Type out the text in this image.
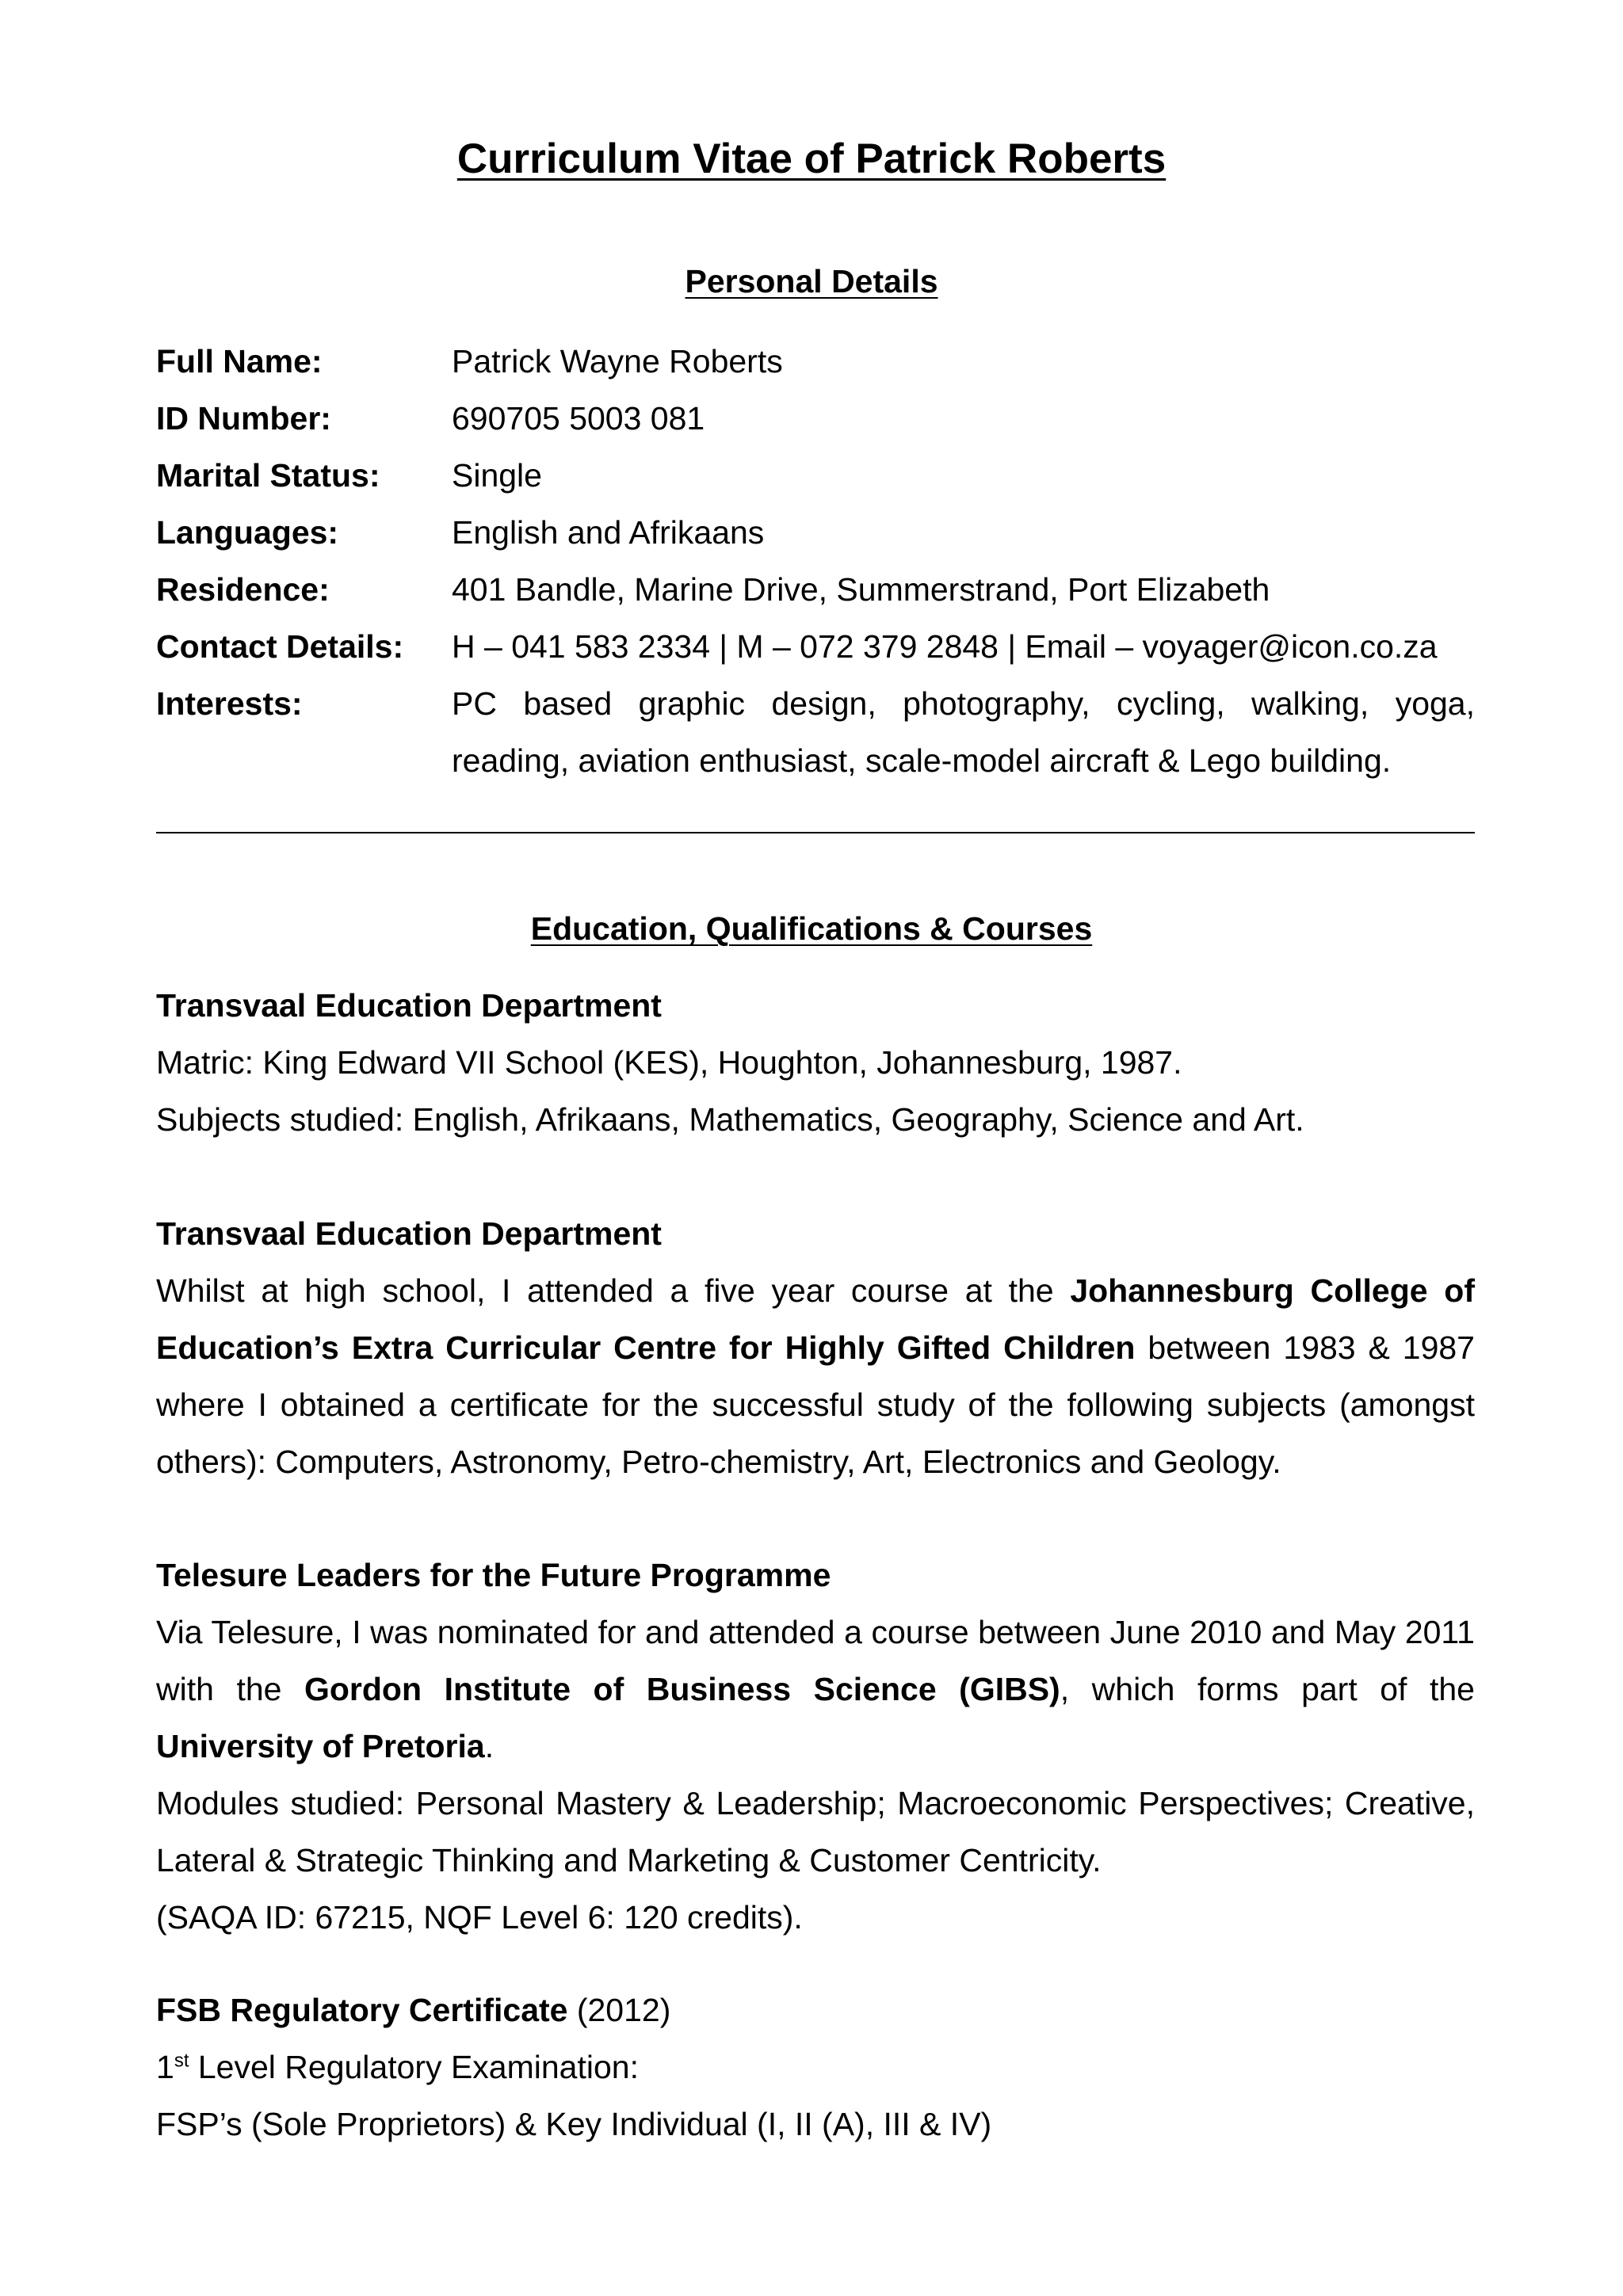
Curriculum Vitae of Patrick Roberts
Personal Details
Full Name:	Patrick Wayne Roberts
ID Number:	690705 5003 081
Marital Status:	Single
Languages:	English and Afrikaans
Residence:	401 Bandle, Marine Drive, Summerstrand, Port Elizabeth
Contact Details:	H – 041 583 2334 | M – 072 379 2848 | Email – voyager@icon.co.za
Interests:	PC based graphic design, photography, cycling, walking, yoga, reading, aviation enthusiast, scale-model aircraft & Lego building.
Education, Qualifications & Courses

Transvaal Education Department

Matric: King Edward VII School (KES), Houghton, Johannesburg, 1987.

Subjects studied: English, Afrikaans, Mathematics, Geography, Science and Art.

Transvaal Education Department

Whilst at high school, I attended a five year course at the Johannesburg College of Education’s Extra Curricular Centre for Highly Gifted Children between 1983 & 1987 where I obtained a certificate for the successful study of the following subjects (amongst others): Computers, Astronomy, Petro-chemistry, Art, Electronics and Geology.

Telesure Leaders for the Future Programme

Via Telesure, I was nominated for and attended a course between June 2010 and May 2011 with the Gordon Institute of Business Science (GIBS), which forms part of the University of Pretoria.

Modules studied: Personal Mastery & Leadership; Macroeconomic Perspectives; Creative, Lateral & Strategic Thinking and Marketing & Customer Centricity.

(SAQA ID: 67215, NQF Level 6: 120 credits).

FSB Regulatory Certificate (2012)

1st Level Regulatory Examination:

FSP’s (Sole Proprietors) & Key Individual (I, II (A), III & IV)
